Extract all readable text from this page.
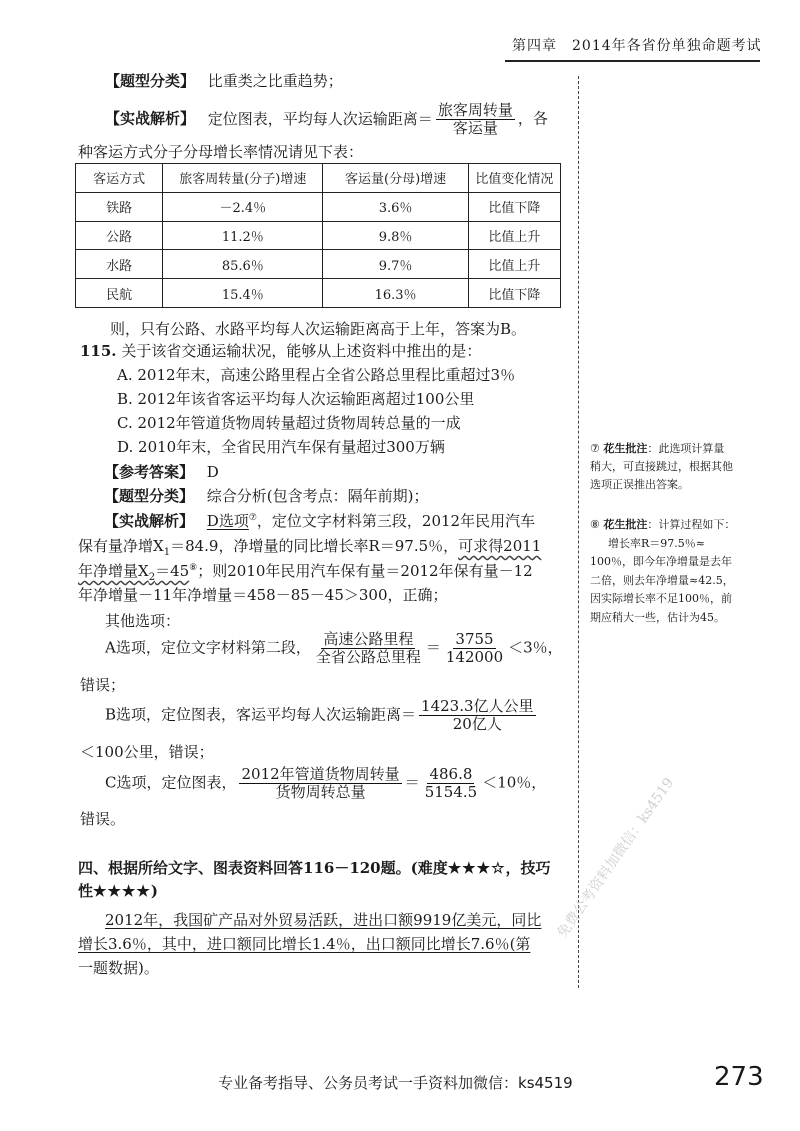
第四章　2014年各省份单独命题考试
【题型分类】 比重类之比重趋势；
【实战解析】 定位图表，平均每人次运输距离＝ $\frac{\text{旅客周转量}}{\text{客运量}}$ ，各
种客运方式分子分母增长率情况请见下表：
客运方式	旅客周转量(分子)增速	客运量(分母)增速	比值变化情况
铁路	－2.4％	3.6％	比值下降
公路	11.2％	9.8％	比值上升
水路	85.6％	9.7％	比值上升
民航	15.4％	16.3％	比值下降
则，只有公路、水路平均每人次运输距离高于上年，答案为B。
115. 关于该省交通运输状况，能够从上述资料中推出的是：
A. 2012年末，高速公路里程占全省公路总里程比重超过3％
B. 2012年该省客运平均每人次运输距离超过100公里
C. 2012年管道货物周转量超过货物周转总量的一成
D. 2010年末，全省民用汽车保有量超过300万辆
【参考答案】 D
【题型分类】 综合分析(包含考点：隔年前期)；
【实战解析】 D选项⑦，定位文字材料第三段，2012年民用汽车
保有量净增$X_1=84.9$，净增量的同比增长率R＝97.5％，可求得2011
年净增量$X_2=45^⑧$；则2010年民用汽车保有量＝2012年保有量－12
年净增量－11年净增量＝458－85－45＞300，正确；
其他选项：
A选项，定位文字材料第二段， $\frac{\text{高速公路里程}}{\text{全省公路总里程}} = \frac{3755}{142000} <3$％，
错误；
B选项，定位图表，客运平均每人次运输距离＝ $\frac{\text{1423.3亿人公里}}{\text{20亿人}}$
＜100公里，错误；
C选项，定位图表， $\frac{\text{2012年管道货物周转量}}{\text{货物周转总量}} = \frac{486.8}{5154.5} <10$％，
错误。
四、根据所给文字、图表资料回答116－120题。(难度★★★☆，技巧
性★★★★)
2012年，我国矿产品对外贸易活跃，进出口额9919亿美元，同比
增长3.6％，其中，进口额同比增长1.4％，出口额同比增长7.6％(第
一题数据)。
⑦ 花生批注：此选项计算量
稍大，可直接跳过，根据其他
选项正误推出答案。
⑧ 花生批注：计算过程如下：
增长率R＝97.5％≈
100％，即今年净增量是去年
二倍，则去年净增量≈42.5，
因实际增长率不足100％，前
期应稍大一些，估计为45。
免费公考资料加微信：ks4519
专业备考指导、公务员考试一手资料加微信：ks4519	273
